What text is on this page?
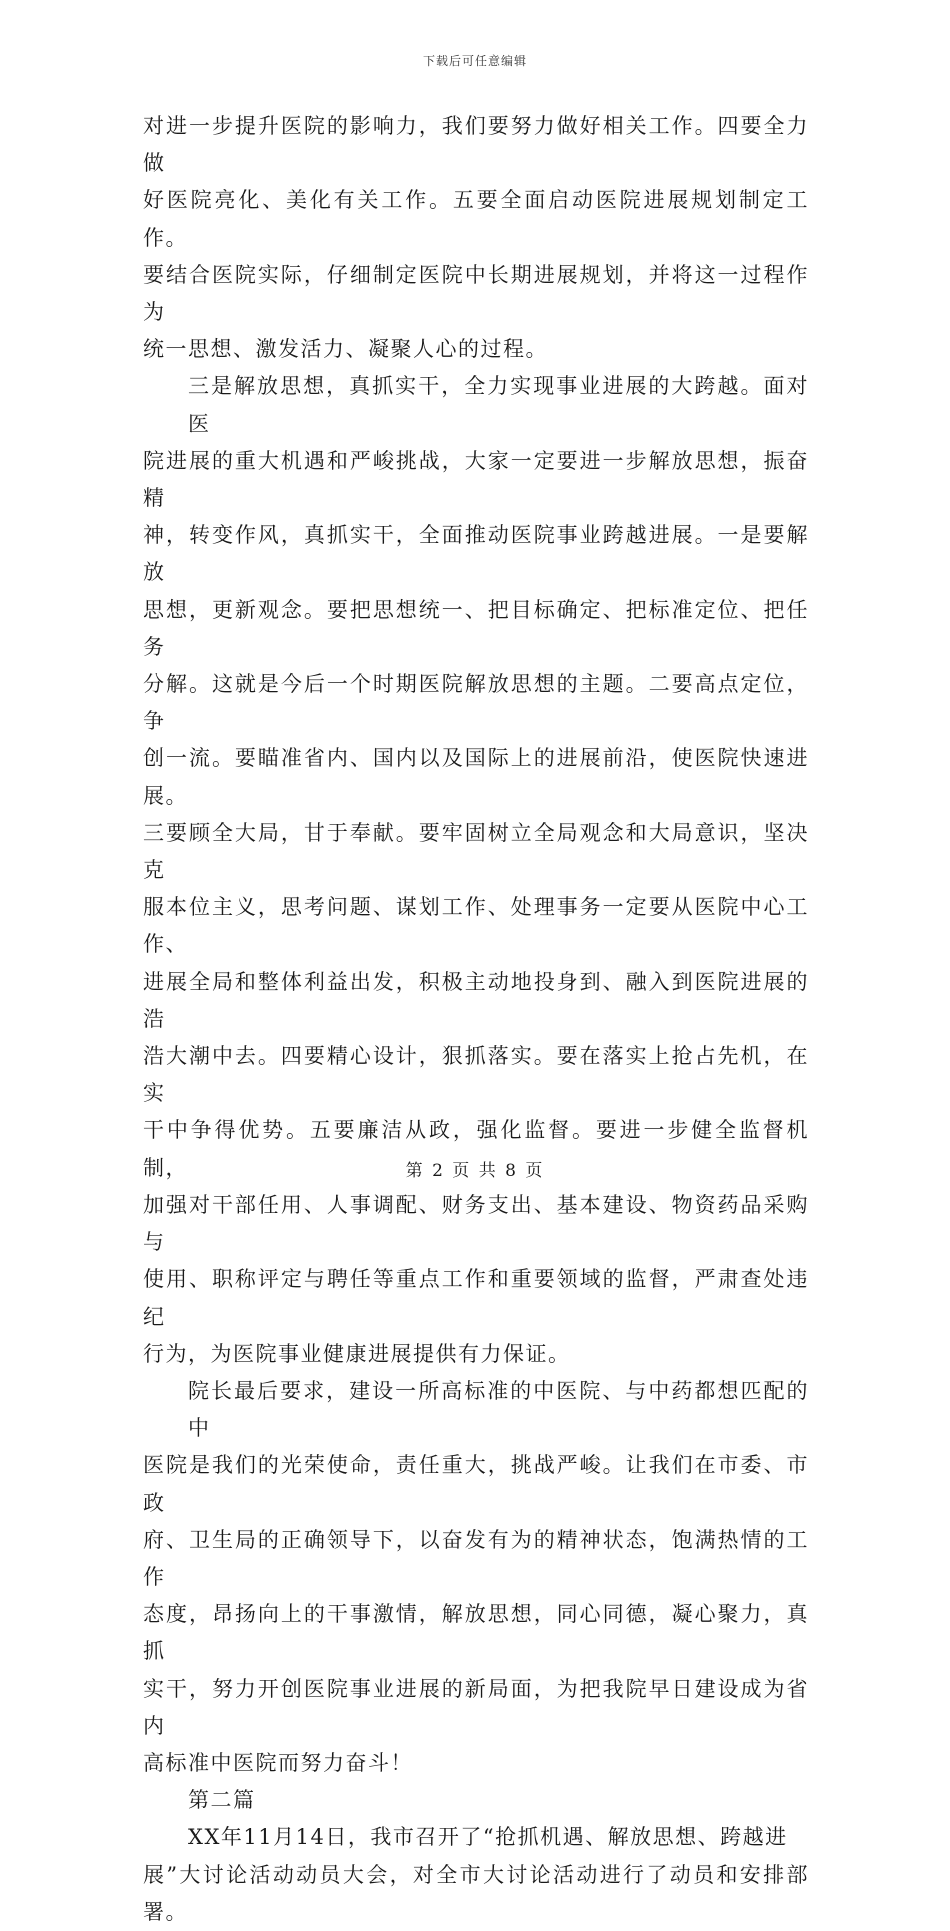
下载后可任意编辑

对进一步提升医院的影响力，我们要努力做好相关工作。四要全力做
好医院亮化、美化有关工作。五要全面启动医院进展规划制定工作。
要结合医院实际，仔细制定医院中长期进展规划，并将这一过程作为
统一思想、激发活力、凝聚人心的过程。

三是解放思想，真抓实干，全力实现事业进展的大跨越。面对医
院进展的重大机遇和严峻挑战，大家一定要进一步解放思想，振奋精
神，转变作风，真抓实干，全面推动医院事业跨越进展。一是要解放
思想，更新观念。要把思想统一、把目标确定、把标准定位、把任务
分解。这就是今后一个时期医院解放思想的主题。二要高点定位，争
创一流。要瞄准省内、国内以及国际上的进展前沿，使医院快速进展。
三要顾全大局，甘于奉献。要牢固树立全局观念和大局意识，坚决克
服本位主义，思考问题、谋划工作、处理事务一定要从医院中心工作、
进展全局和整体利益出发，积极主动地投身到、融入到医院进展的浩
浩大潮中去。四要精心设计，狠抓落实。要在落实上抢占先机，在实
干中争得优势。五要廉洁从政，强化监督。要进一步健全监督机制，
加强对干部任用、人事调配、财务支出、基本建设、物资药品采购与
使用、职称评定与聘任等重点工作和重要领域的监督，严肃查处违纪
行为，为医院事业健康进展提供有力保证。

院长最后要求，建设一所高标准的中医院、与中药都想匹配的中
医院是我们的光荣使命，责任重大，挑战严峻。让我们在市委、市政
府、卫生局的正确领导下，以奋发有为的精神状态，饱满热情的工作
态度，昂扬向上的干事激情，解放思想，同心同德，凝心聚力，真抓
实干，努力开创医院事业进展的新局面，为把我院早日建设成为省内
高标准中医院而努力奋斗！

第二篇

XX年11月14日，我市召开了“抢抓机遇、解放思想、跨越进
展”大讨论活动动员大会，对全市大讨论活动进行了动员和安排部署。

第 2 页 共 8 页
